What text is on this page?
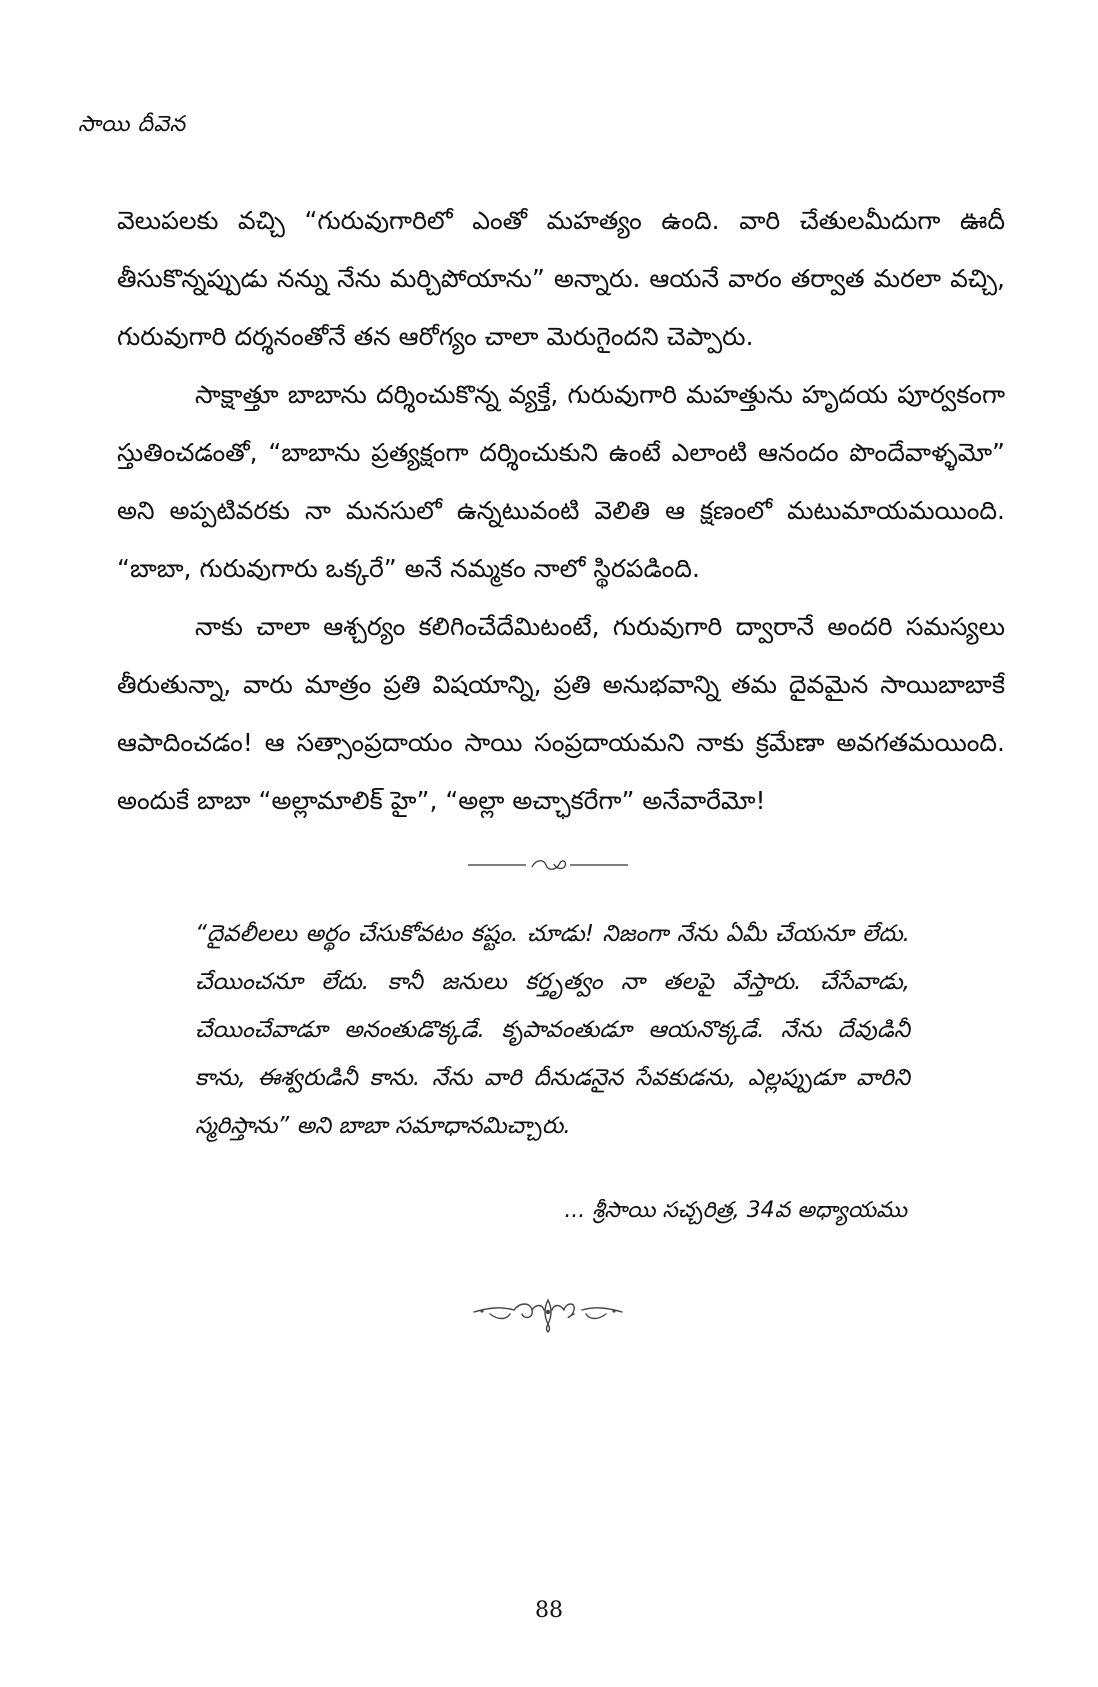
సాయి దీవెన

వెలుపలకు వచ్చి “గురువుగారిలో ఎంతో మహత్యం ఉంది. వారి చేతులమీదుగా ఊదీ తీసుకొన్నప్పుడు నన్ను నేను మర్చిపోయాను” అన్నారు. ఆయనే వారం తర్వాత మరలా వచ్చి, గురువుగారి దర్శనంతోనే తన ఆరోగ్యం చాలా మెరుగైందని చెప్పారు.

సాక్షాత్తూ బాబాను దర్శించుకొన్న వ్యక్తే, గురువుగారి మహత్తును హృదయ పూర్వకంగా స్తుతించడంతో, “బాబాను ప్రత్యక్షంగా దర్శించుకుని ఉంటే ఎలాంటి ఆనందం పొందేవాళ్ళమో” అని అప్పటివరకు నా మనసులో ఉన్నటువంటి వెలితి ఆ క్షణంలో మటుమాయమయింది. “బాబా, గురువుగారు ఒక్కరే” అనే నమ్మకం నాలో స్థిరపడింది.

నాకు చాలా ఆశ్చర్యం కలిగించేదేమిటంటే, గురువుగారి ద్వారానే అందరి సమస్యలు తీరుతున్నా, వారు మాత్రం ప్రతి విషయాన్ని, ప్రతి అనుభవాన్ని తమ దైవమైన సాయిబాబాకే ఆపాదించడం! ఆ సత్సాంప్రదాయం సాయి సంప్రదాయమని నాకు క్రమేణా అవగతమయింది. అందుకే బాబా “అల్లామాలిక్ హై”, “అల్లా అచ్ఛాకరేగా” అనేవారేమో!

“దైవలీలలు అర్థం చేసుకోవటం కష్టం. చూడు! నిజంగా నేను ఏమీ చేయనూ లేదు. చేయించనూ లేదు. కానీ జనులు కర్తృత్వం నా తలపై వేస్తారు. చేసేవాడు, చేయించేవాడూ అనంతుడొక్కడే. కృపావంతుడూ ఆయనొక్కడే. నేను దేవుడినీ కాను, ఈశ్వరుడినీ కాను. నేను వారి దీనుడనైన సేవకుడను, ఎల్లప్పుడూ వారిని స్మరిస్తాను” అని బాబా సమాధానమిచ్చారు.

... శ్రీసాయి సచ్చరిత్ర, 34వ అధ్యాయము
88
